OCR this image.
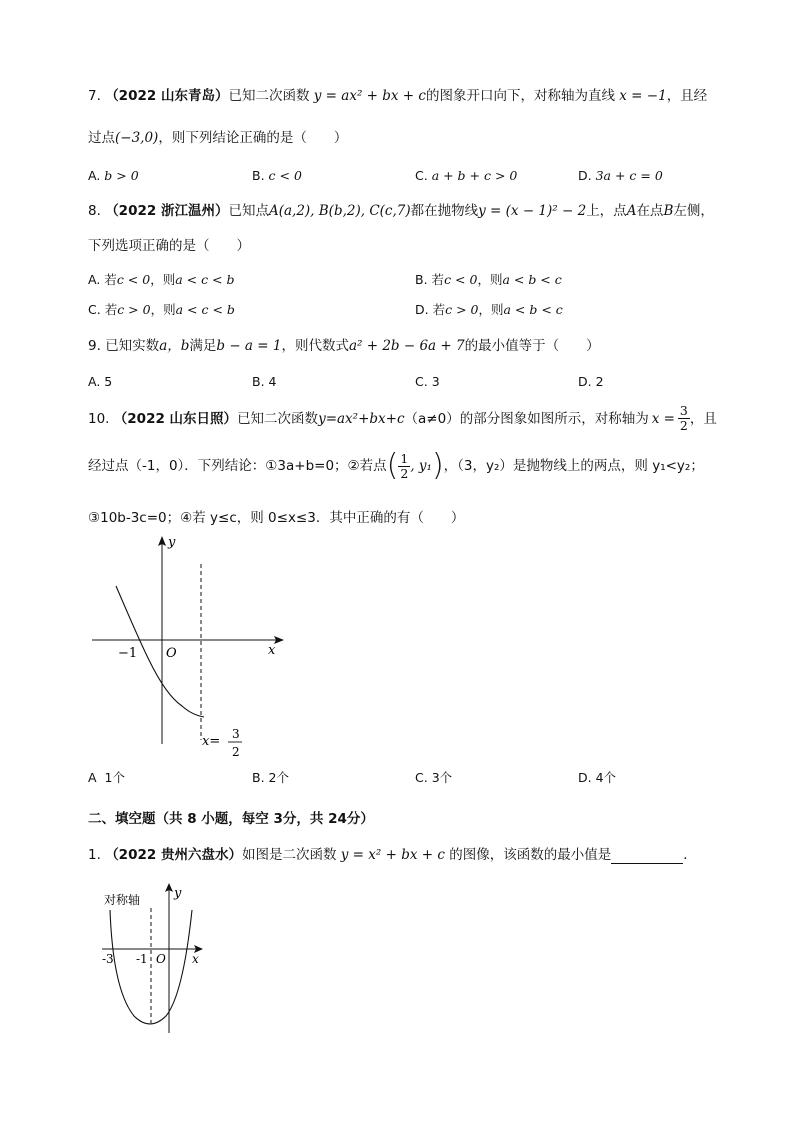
7. （2022 山东青岛）已知二次函数 y = ax² + bx + c的图象开口向下，对称轴为直线 x = −1，且经
过点(−3,0)，则下列结论正确的是（　　）
A. b > 0	B. c < 0	C. a + b + c > 0	D. 3a + c = 0
8. （2022 浙江温州）已知点A(a,2), B(b,2), C(c,7)都在抛物线y = (x − 1)² − 2上，点A在点B左侧，
下列选项正确的是（　　）
A. 若c < 0，则a < c < b	B. 若c < 0，则a < b < c
C. 若c > 0，则a < c < b	D. 若c > 0，则a < b < c
9. 已知实数a，b满足b − a = 1，则代数式a² + 2b − 6a + 7的最小值等于（　　）
A. 5	B. 4	C. 3	D. 2
10.
（2022 山东日照） 已知二次函数 y=ax²+bx+c （a≠0） 的部分图象如图所示，对称轴为 $x = \frac{3}{2}$ ，且
经过点（-1，0）．下列结论：①3a+b=0；②若点 ( $\frac{1}{2}$ , y₁ ) ，（3，y₂）是抛物线上的两点，则 y₁<y₂；
③10b-3c=0；④若 y≤c，则 0≤x≤3．其中正确的有（　　）
y
x
O
−1
x= 3
2
A 1个	B. 2个	C. 3个	D. 4个
二、填空题（共 8 小题，每空 3分，共 24分）
1. （2022 贵州六盘水）如图是二次函数 y = x² + bx + c 的图像，该函数的最小值是	．
对称轴	y
x
-3 -1 O
